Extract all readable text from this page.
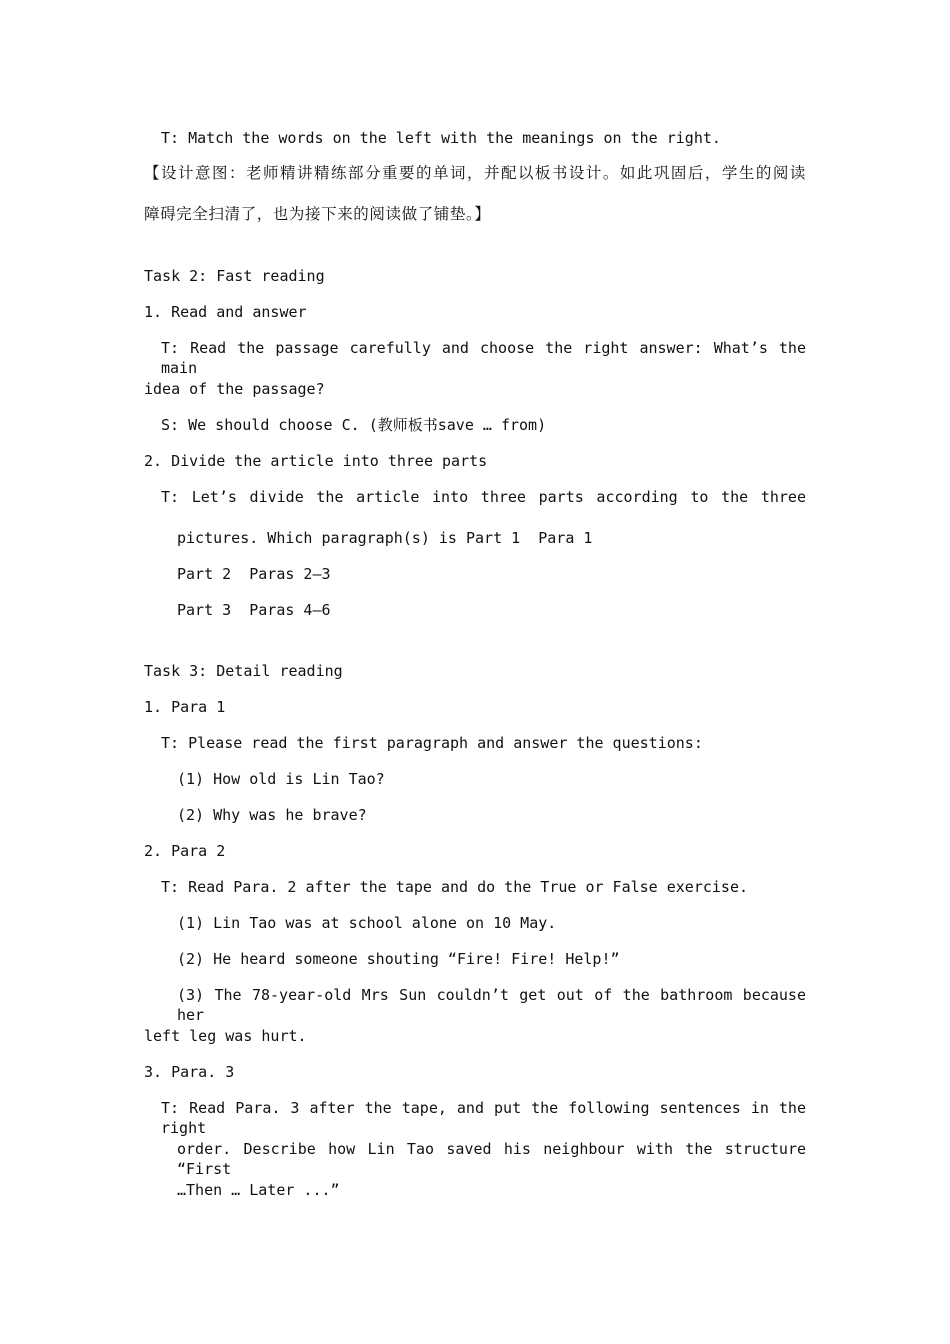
T: Match the words on the left with the meanings on the right.
【设计意图：老师精讲精练部分重要的单词，并配以板书设计。如此巩固后，学生的阅读
障碍完全扫清了，也为接下来的阅读做了铺垫。】
Task 2: Fast reading
1. Read and answer
T: Read the passage carefully and choose the right answer: What’s the main
idea of the passage?
S: We should choose C. (教师板书save … from)
2. Divide the article into three parts
T: Let’s divide the article into three parts according to the three
pictures. Which paragraph(s) is Part 1  Para 1
Part 2  Paras 2—3
Part 3  Paras 4—6
Task 3: Detail reading
1. Para 1
T: Please read the first paragraph and answer the questions:
(1) How old is Lin Tao?
(2) Why was he brave?
2. Para 2
T: Read Para. 2 after the tape and do the True or False exercise.
(1) Lin Tao was at school alone on 10 May.
(2) He heard someone shouting “Fire! Fire! Help!”
(3) The 78-year-old Mrs Sun couldn’t get out of the bathroom because her
left leg was hurt.
3. Para. 3
T: Read Para. 3 after the tape, and put the following sentences in the right
order. Describe how Lin Tao saved his neighbour with the structure “First
…Then … Later ...”
